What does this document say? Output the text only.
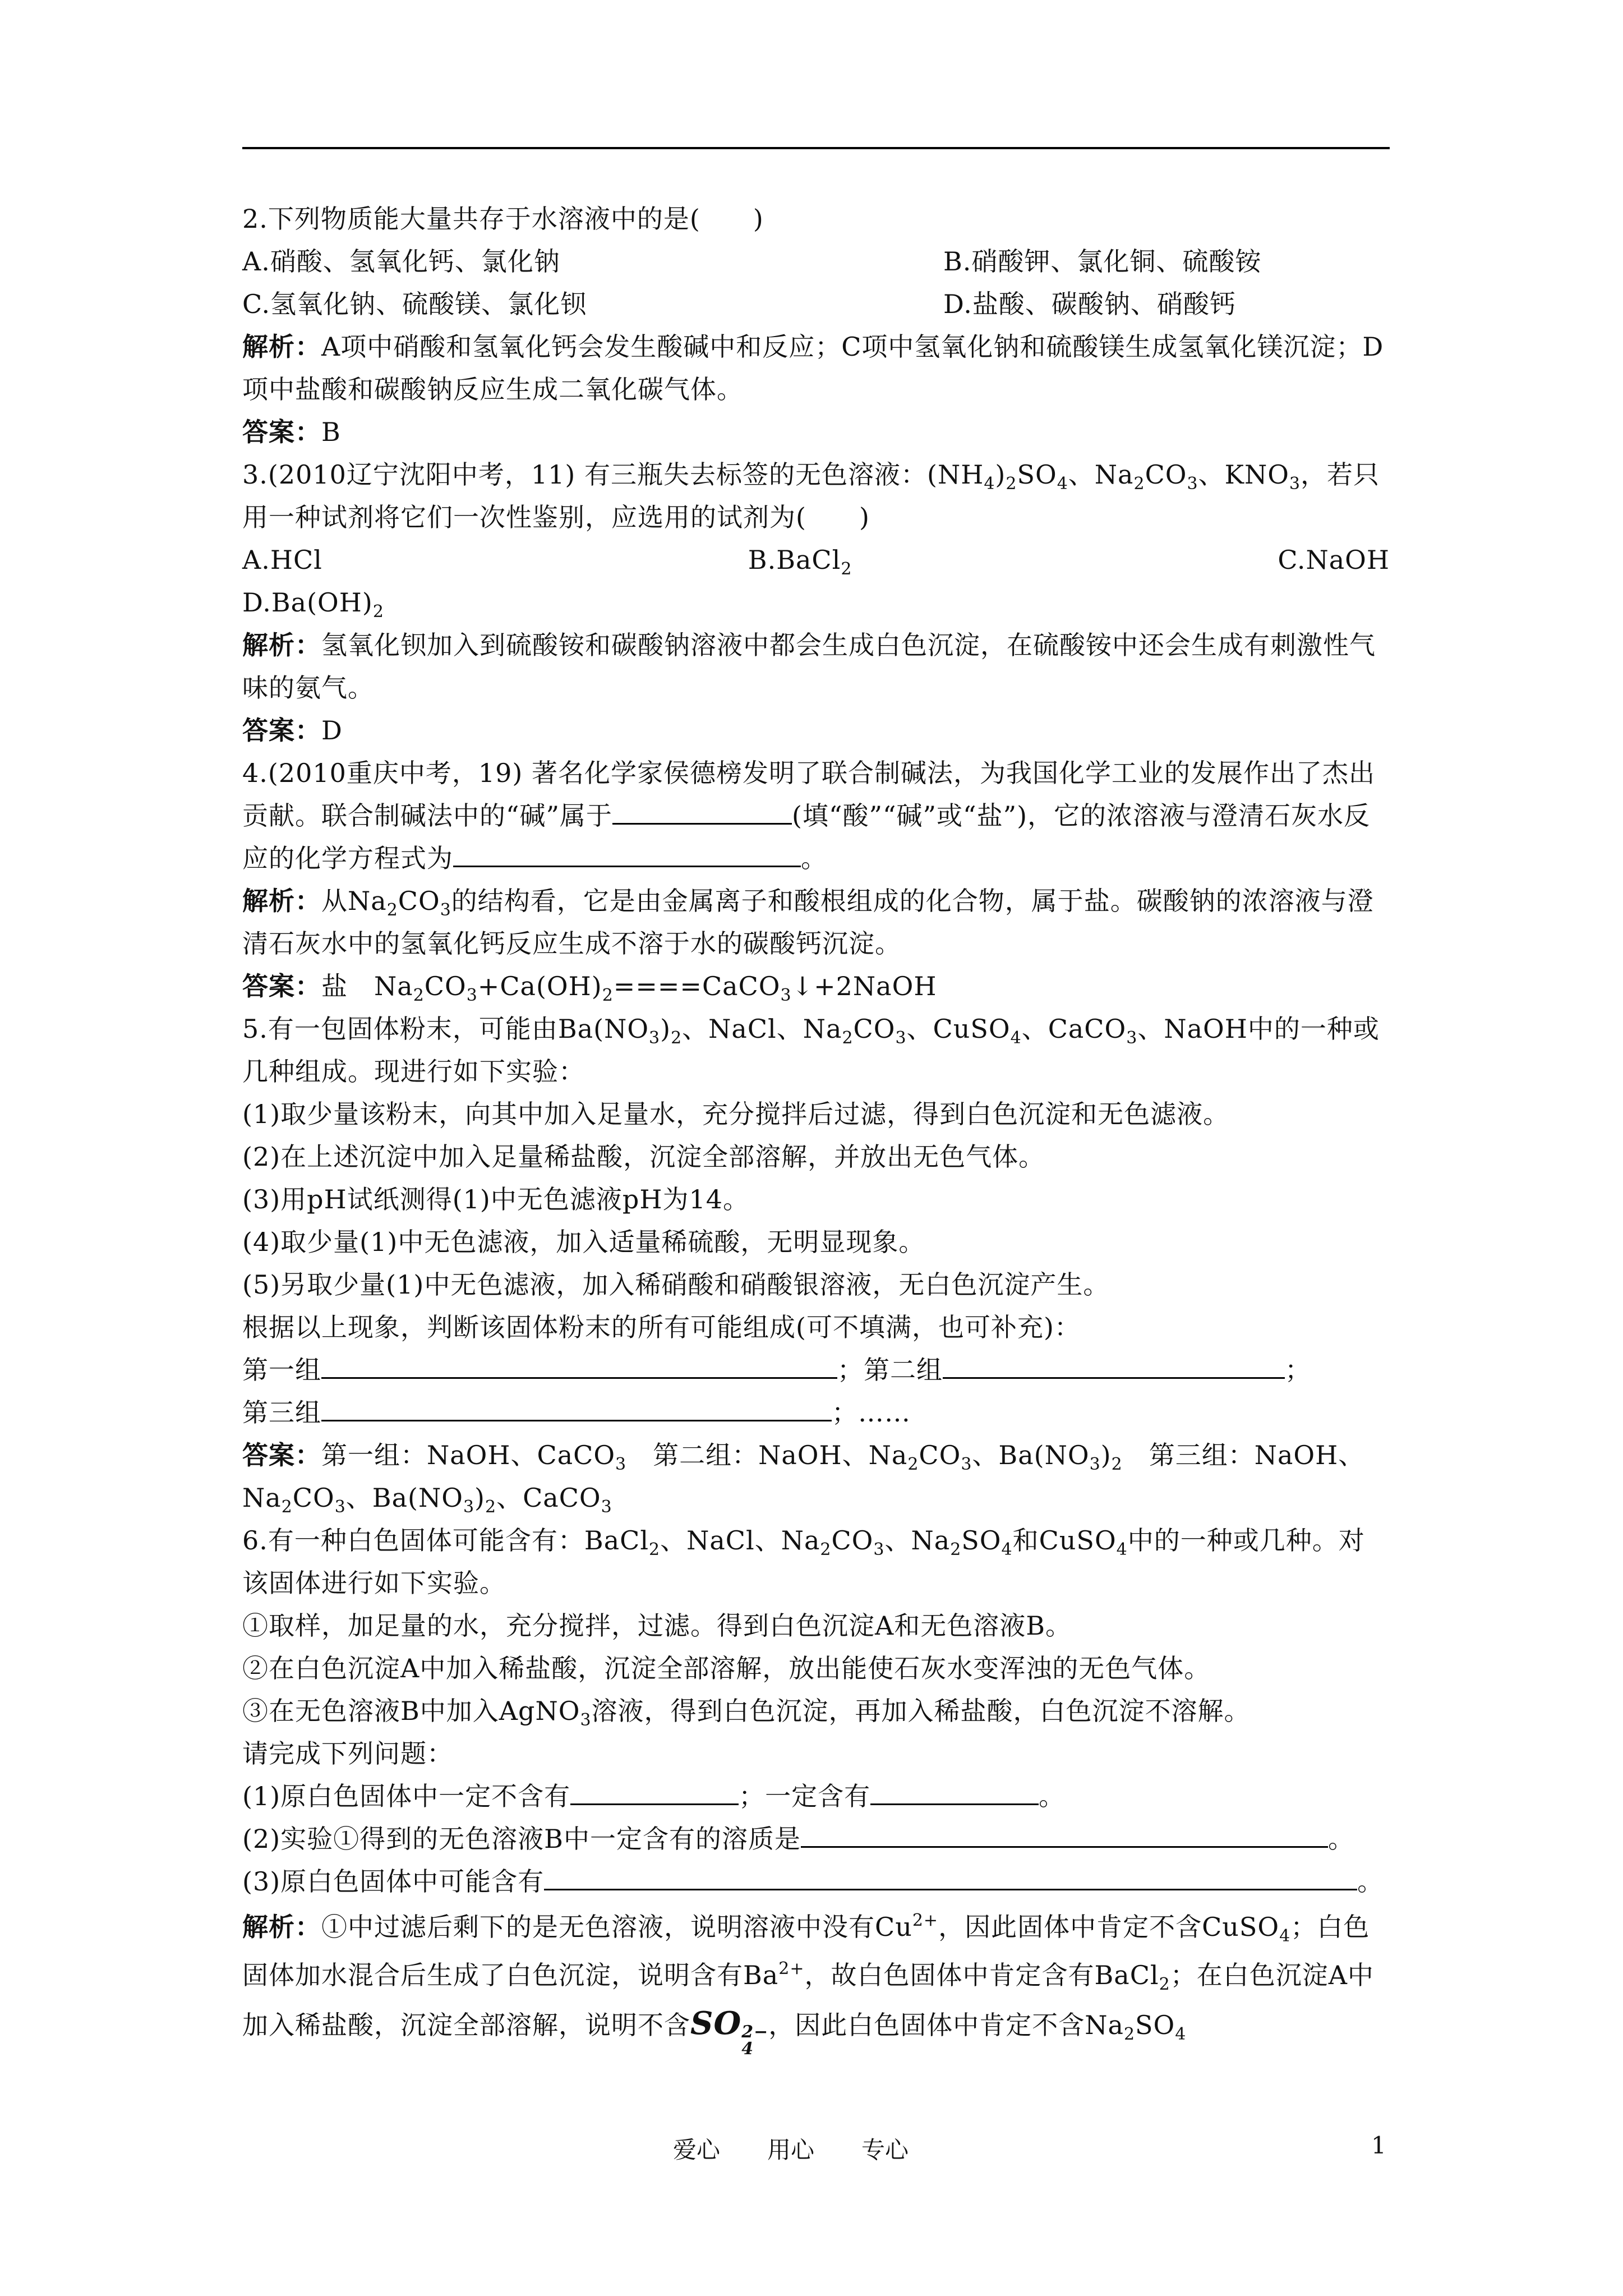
2.下列物质能大量共存于水溶液中的是(　　)
A.硝酸、氢氧化钙、氯化钠	B.硝酸钾、氯化铜、硫酸铵
C.氢氧化钠、硫酸镁、氯化钡	D.盐酸、碳酸钠、硝酸钙
解析：A项中硝酸和氢氧化钙会发生酸碱中和反应；C项中氢氧化钠和硫酸镁生成氢氧化镁沉淀；D项中盐酸和碳酸钠反应生成二氧化碳气体。
答案：B
3.(2010辽宁沈阳中考，11) 有三瓶失去标签的无色溶液：$(NH_4)_2SO_4$、$Na_2CO_3$、$KNO_3$，若只用一种试剂将它们一次性鉴别，应选用的试剂为(　　)
A.HCl	B.BaCl$_2$	C.NaOH
$D.Ba(OH)_2$
解析：氢氧化钡加入到硫酸铵和碳酸钠溶液中都会生成白色沉淀，在硫酸铵中还会生成有刺激性气味的氨气。
答案：D
4.(2010重庆中考，19) 著名化学家侯德榜发明了联合制碱法，为我国化学工业的发展作出了杰出贡献。联合制碱法中的“碱”属于	(填“酸”“碱”或“盐”)，它的浓溶液与澄清石灰水反应的化学方程式为	。
解析：从$Na_2CO_3$的结构看，它是由金属离子和酸根组成的化合物，属于盐。碳酸钠的浓溶液与澄清石灰水中的氢氧化钙反应生成不溶于水的碳酸钙沉淀。
答案：盐　$Na_2CO_3+Ca(OH)_2====CaCO_3↓+2NaOH$
5.有一包固体粉末，可能由$Ba(NO_3)_2$、NaCl、$Na_2CO_3$、CuSO$_4$、CaCO$_3$、NaOH中的一种或几种组成。现进行如下实验：
(1)取少量该粉末，向其中加入足量水，充分搅拌后过滤，得到白色沉淀和无色滤液。
(2)在上述沉淀中加入足量稀盐酸，沉淀全部溶解，并放出无色气体。
(3)用pH试纸测得(1)中无色滤液pH为14。
(4)取少量(1)中无色滤液，加入适量稀硫酸，无明显现象。
(5)另取少量(1)中无色滤液，加入稀硝酸和硝酸银溶液，无白色沉淀产生。
根据以上现象，判断该固体粉末的所有可能组成(可不填满，也可补充)：
第一组	；第二组	；
第三组	；……
答案：第一组：NaOH、CaCO$_3$　 第二组：NaOH、$Na_2CO_3$、$Ba(NO_3)_2$　 第三组：NaOH、$Na_2CO_3$、$Ba(NO_3)_2$、CaCO$_3$
6.有一种白色固体可能含有：BaCl$_2$、NaCl、$Na_2CO_3$、$Na_2SO_4$和CuSO$_4$中的一种或几种。对该固体进行如下实验。
①取样，加足量的水，充分搅拌，过滤。得到白色沉淀A和无色溶液B。
②在白色沉淀A中加入稀盐酸，沉淀全部溶解，放出能使石灰水变浑浊的无色气体。
③在无色溶液B中加入AgNO$_3$溶液，得到白色沉淀，再加入稀盐酸，白色沉淀不溶解。
请完成下列问题：
(1)原白色固体中一定不含有	；一定含有	。
(2)实验①得到的无色溶液B中一定含有的溶质是	。
(3)原白色固体中可能含有	。
解析：①中过滤后剩下的是无色溶液，说明溶液中没有$Cu^{2+}$，因此固体中肯定不含CuSO$_4$；白色固体加水混合后生成了白色沉淀，说明含有$Ba^{2+}$，故白色固体中肯定含有BaCl$_2$；在白色沉淀A中加入稀盐酸，沉淀全部溶解，说明不含SO 2−
4
，因此白色固体中肯定不含$Na_2SO_4$
爱心 用心 专心	1
